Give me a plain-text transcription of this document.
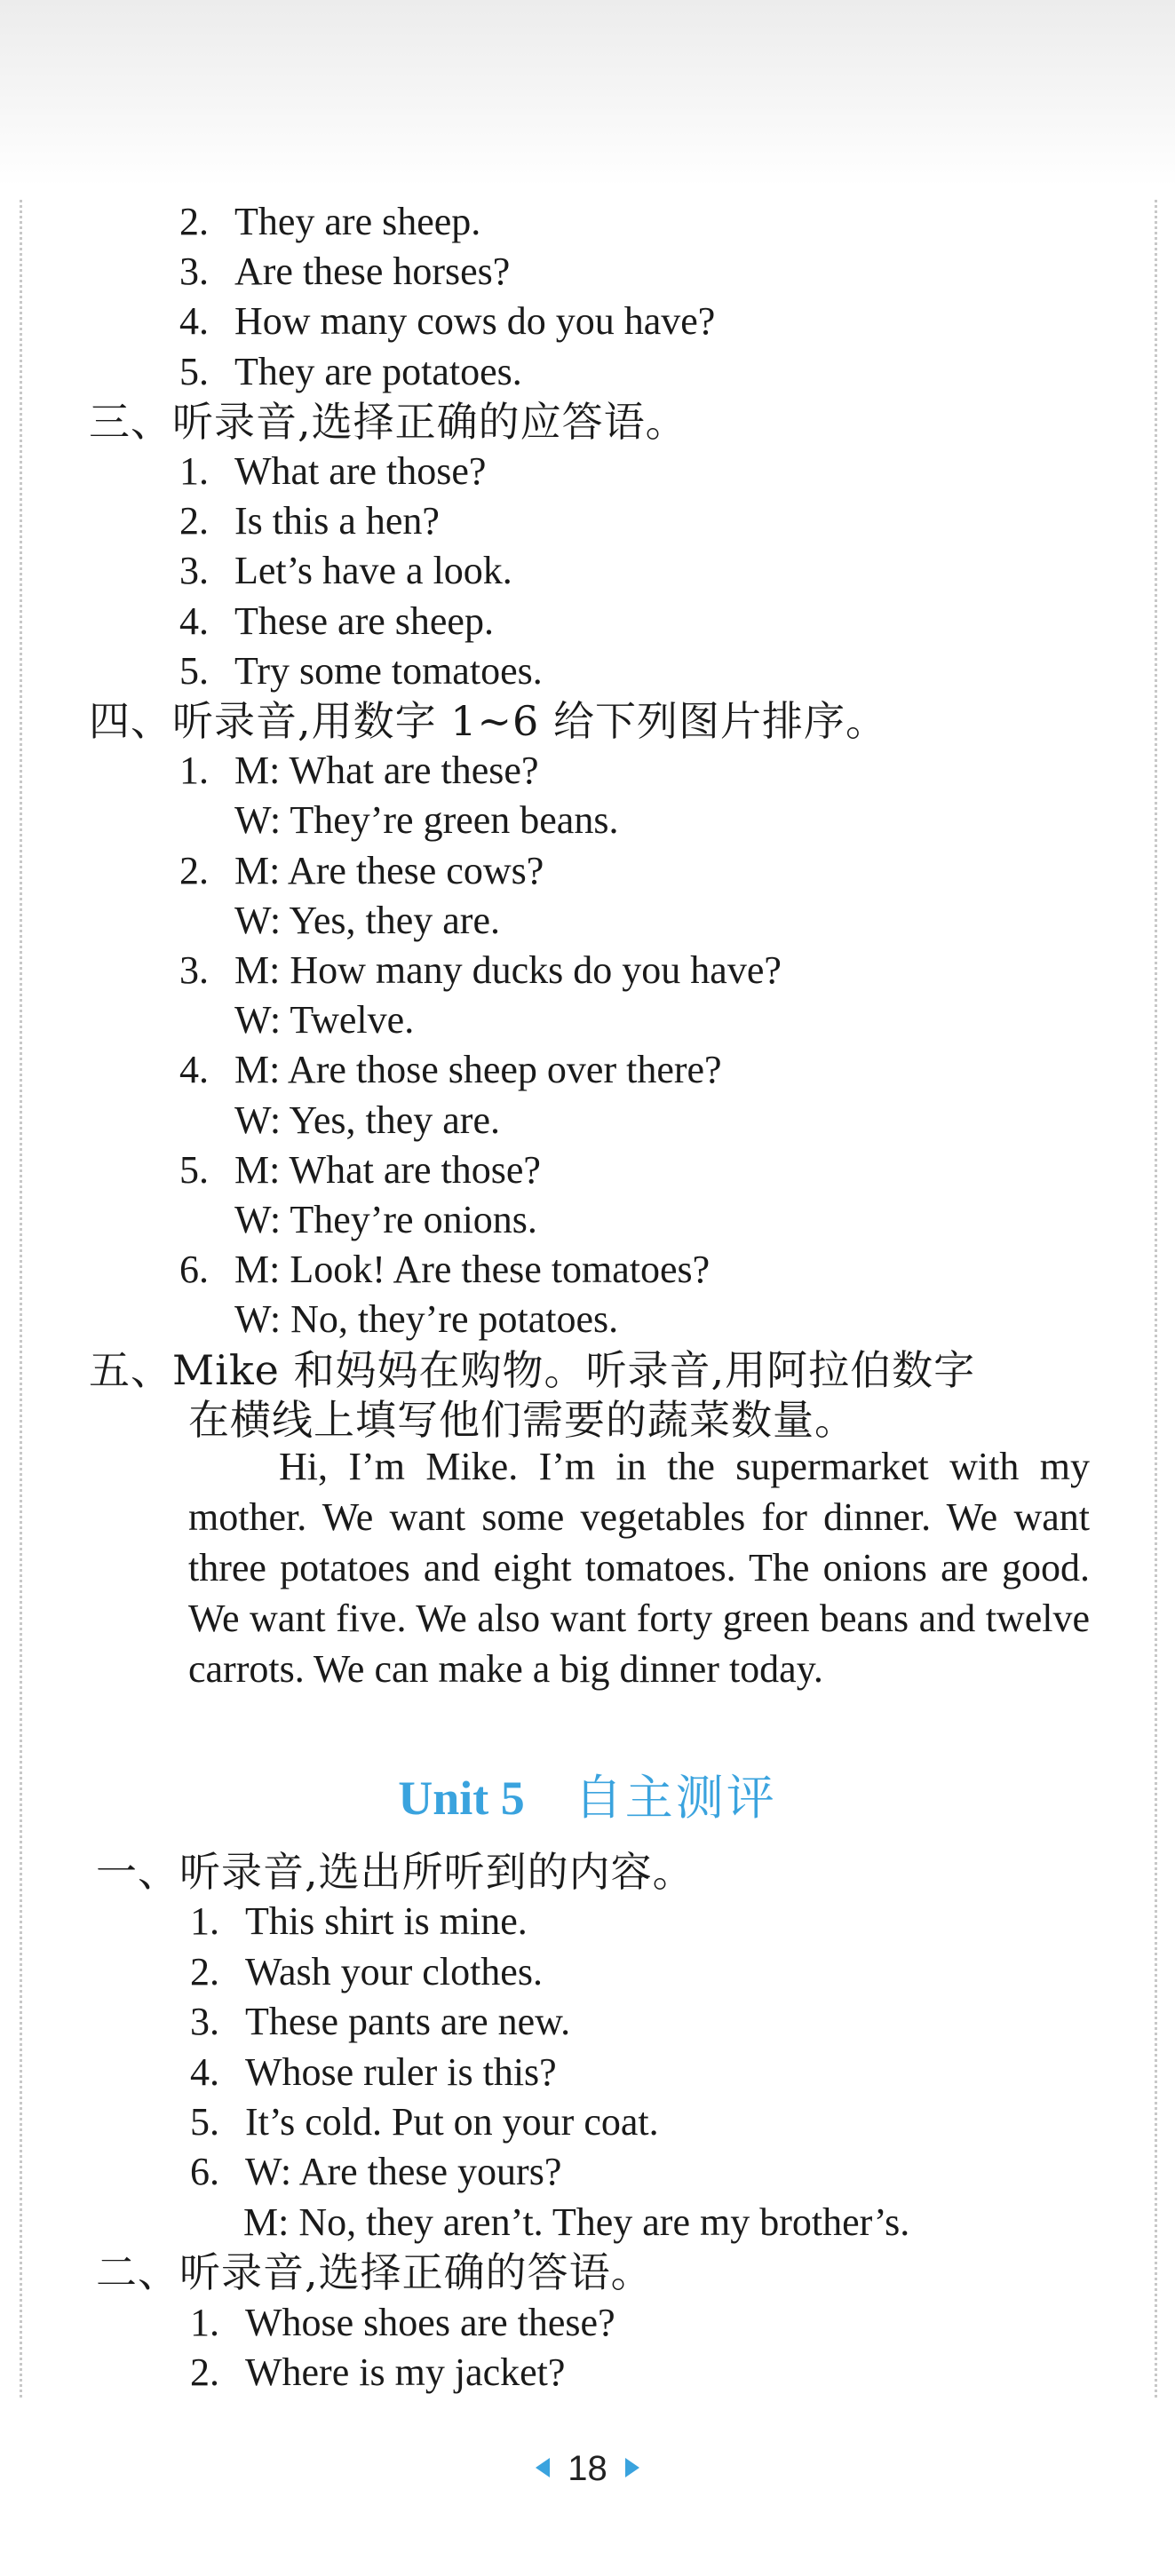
2. They are sheep.
3. Are these horses?
4. How many cows do you have?
5. They are potatoes.
三、听录音,选择正确的应答语。
1. What are those?
2. Is this a hen?
3. Let’s have a look.
4. These are sheep.
5. Try some tomatoes.
四、听录音,用数字 1~6 给下列图片排序。
1. M: What are these?
W: They’re green beans.
2. M: Are these cows?
W: Yes, they are.
3. M: How many ducks do you have?
W: Twelve.
4. M: Are those sheep over there?
W: Yes, they are.
5. M: What are those?
W: They’re onions.
6. M: Look! Are these tomatoes?
W: No, they’re potatoes.
五、Mike 和妈妈在购物。听录音,用阿拉伯数字
在横线上填写他们需要的蔬菜数量。
Hi, I’m Mike. I’m in the supermarket with my mother. We want some vegetables for dinner. We want three potatoes and eight tomatoes. The onions are good. We want five. We also want forty green beans and twelve carrots. We can make a big dinner today.
Unit 5 自主测评
一、听录音,选出所听到的内容。
1. This shirt is mine.
2. Wash your clothes.
3. These pants are new.
4. Whose ruler is this?
5. It’s cold. Put on your coat.
6. W: Are these yours?
M: No, they aren’t. They are my brother’s.
二、听录音,选择正确的答语。
1. Whose shoes are these?
2. Where is my jacket?
18
